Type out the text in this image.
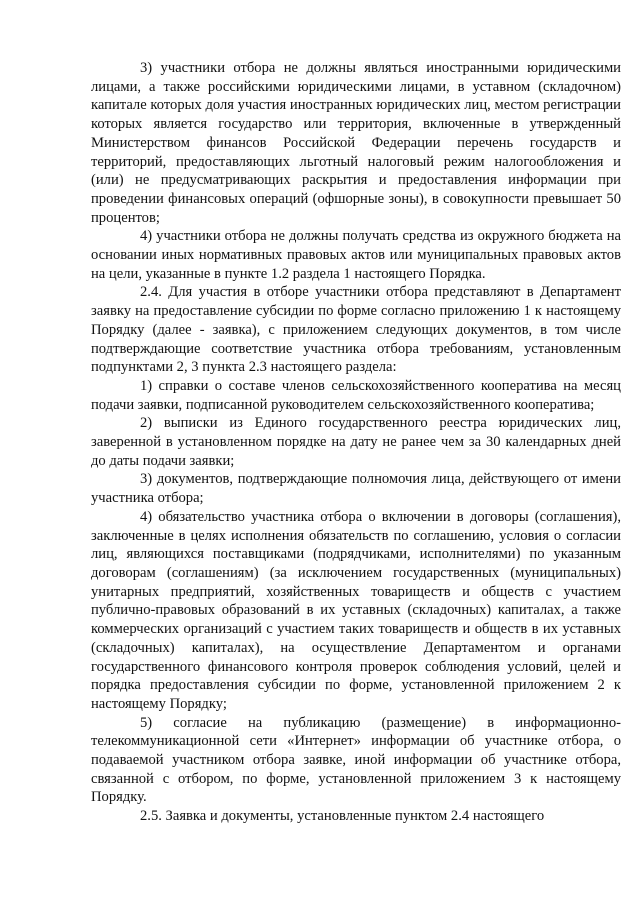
3) участники отбора не должны являться иностранными юридическими лицами, а также российскими юридическими лицами, в уставном (складочном) капитале которых доля участия иностранных юридических лиц, местом регистрации которых является государство или территория, включенные в утвержденный Министерством финансов Российской Федерации перечень государств и территорий, предоставляющих льготный налоговый режим налогообложения и (или) не предусматривающих раскрытия и предоставления информации при проведении финансовых операций (офшорные зоны), в совокупности превышает 50 процентов;

4) участники отбора не должны получать средства из окружного бюджета на основании иных нормативных правовых актов или муниципальных правовых актов на цели, указанные в пункте 1.2 раздела 1 настоящего Порядка.

2.4. Для участия в отборе участники отбора представляют в Департамент заявку на предоставление субсидии по форме согласно приложению 1 к настоящему Порядку (далее - заявка), с приложением следующих документов, в том числе подтверждающие соответствие участника отбора требованиям, установленным подпунктами 2, 3 пункта 2.3 настоящего раздела:

1) справки о составе членов сельскохозяйственного кооператива на месяц подачи заявки, подписанной руководителем сельскохозяйственного кооператива;

2) выписки из Единого государственного реестра юридических лиц, заверенной в установленном порядке на дату не ранее чем за 30 календарных дней до даты подачи заявки;

3) документов, подтверждающие полномочия лица, действующего от имени участника отбора;

4) обязательство участника отбора о включении в договоры (соглашения), заключенные в целях исполнения обязательств по соглашению, условия о согласии лиц, являющихся поставщиками (подрядчиками, исполнителями) по указанным договорам (соглашениям) (за исключением государственных (муниципальных) унитарных предприятий, хозяйственных товариществ и обществ с участием публично-правовых образований в их уставных (складочных) капиталах, а также коммерческих организаций с участием таких товариществ и обществ в их уставных (складочных) капиталах), на осуществление Департаментом и органами государственного финансового контроля проверок соблюдения условий, целей и порядка предоставления субсидии по форме, установленной приложением 2 к настоящему Порядку;

5) согласие на публикацию (размещение) в информационно-телекоммуникационной сети «Интернет» информации об участнике отбора, о подаваемой участником отбора заявке, иной информации об участнике отбора, связанной с отбором, по форме, установленной приложением 3 к настоящему Порядку.

2.5. Заявка и документы, установленные пунктом 2.4 настоящего
